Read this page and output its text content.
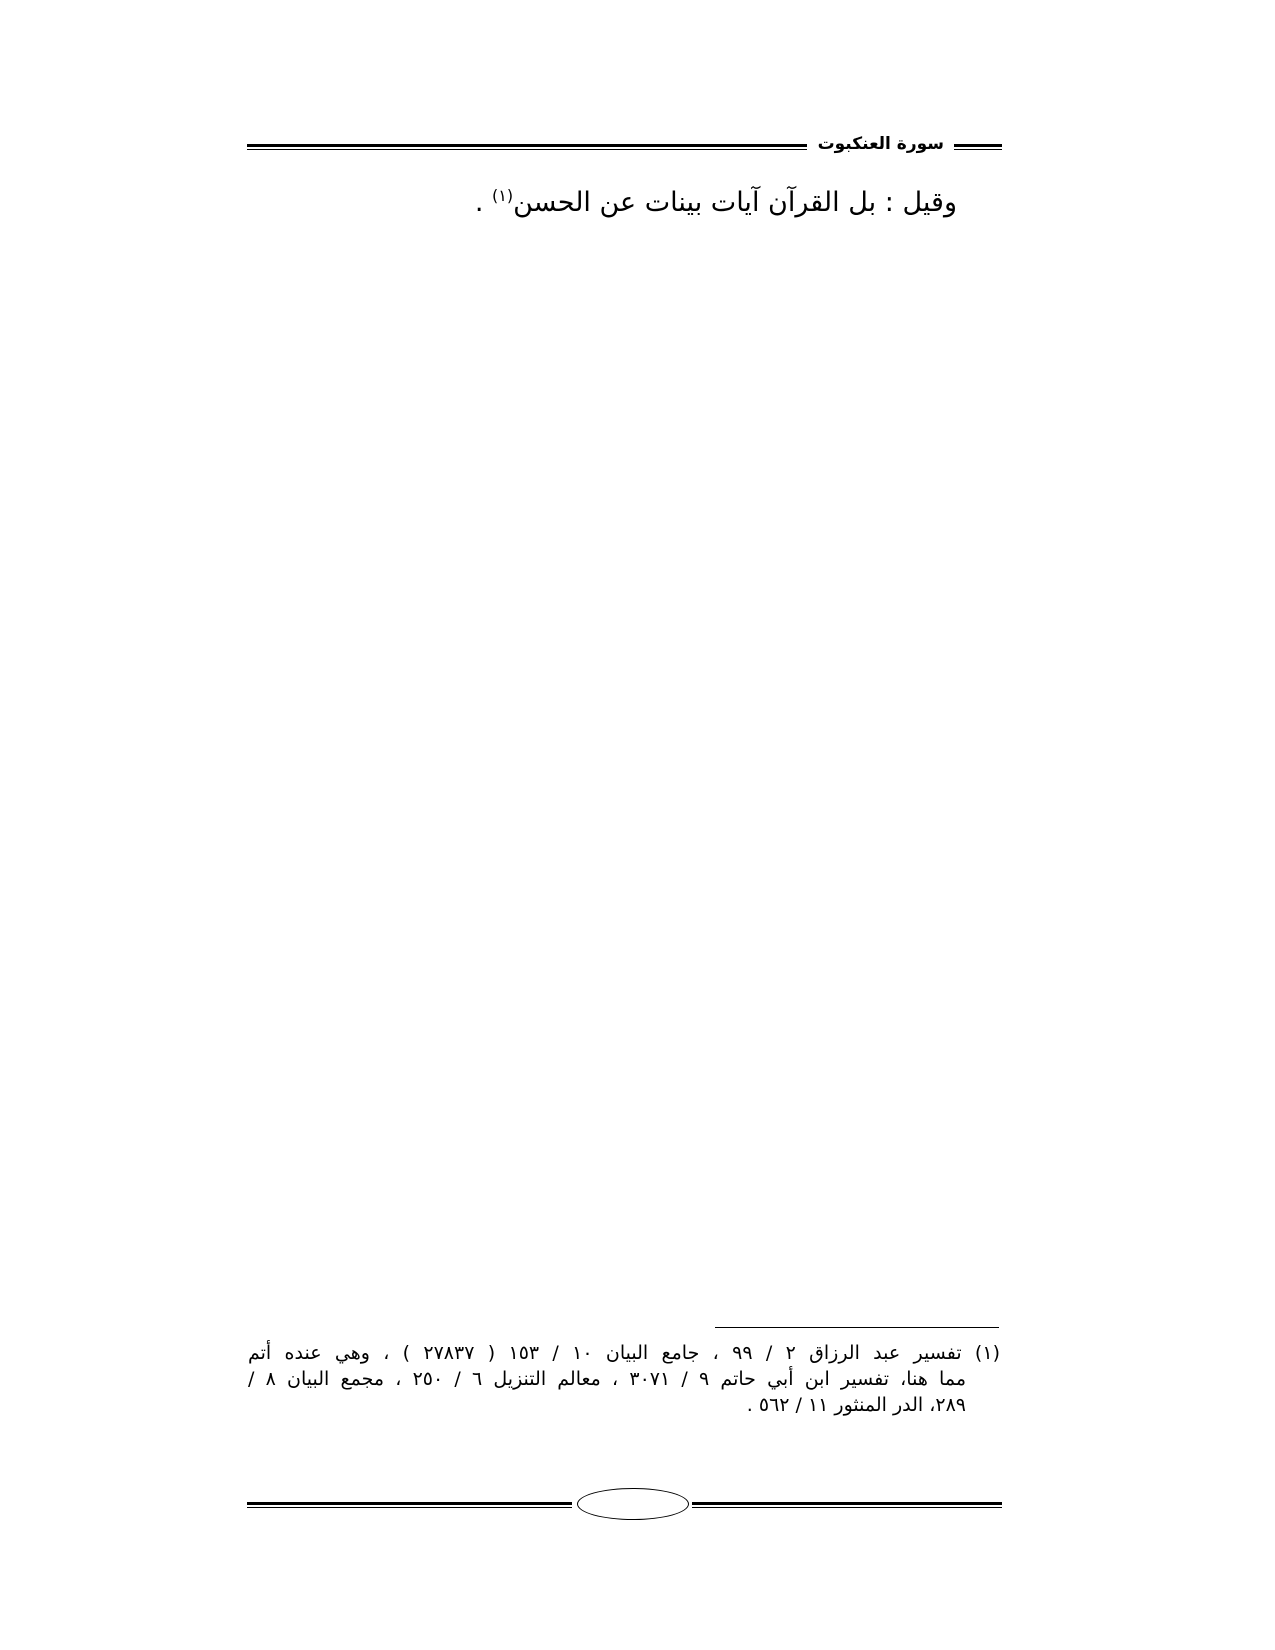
سورة العنكبوت
وقيل : بل القرآن آيات بينات عن الحسن$^{(١)}$ .
(١) تفسير عبد الرزاق ٢ / ٩٩ ، جامع البيان ١٠ / ١٥٣ ( ٢٧٨٣٧ ) ، وهي عنده أتم
مما هنا، تفسير ابن أبي حاتم ٩ / ٣٠٧١ ، معالم التنزيل ٦ / ٢٥٠ ، مجمع البيان ٨ /
٢٨٩، الدر المنثور ١١ / ٥٦٢ .
